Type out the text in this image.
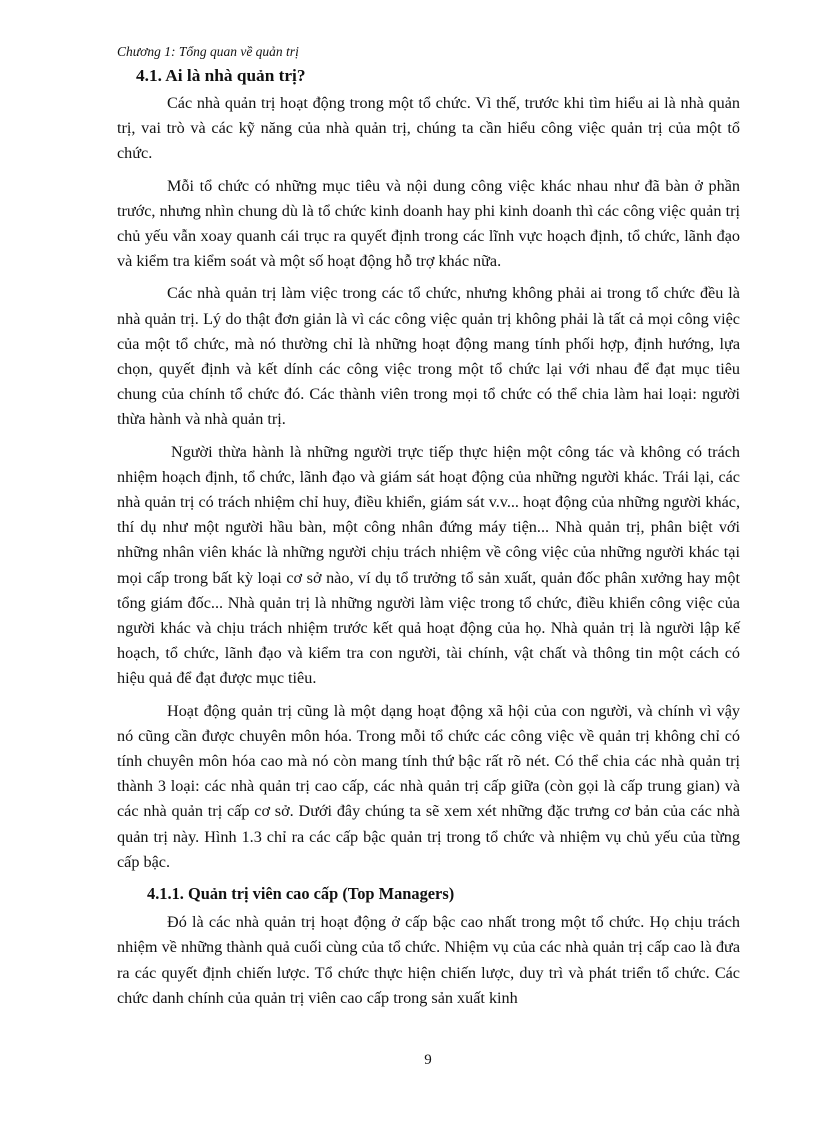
Chương 1: Tổng quan về quản trị
4.1. Ai là nhà quản trị?

Các nhà quản trị hoạt động trong một tổ chức. Vì thế, trước khi tìm hiểu ai là nhà quản trị, vai trò và các kỹ năng của nhà quản trị, chúng ta cần hiểu công việc quản trị của một tổ chức.

Mỗi tổ chức có những mục tiêu và nội dung công việc khác nhau như đã bàn ở phần trước, nhưng nhìn chung dù là tổ chức kinh doanh hay phi kinh doanh thì các công việc quản trị chủ yếu vẫn xoay quanh cái trục ra quyết định trong các lĩnh vực hoạch định, tổ chức, lãnh đạo và kiểm tra kiểm soát và một số hoạt động hỗ trợ khác nữa.

Các nhà quản trị làm việc trong các tổ chức, nhưng không phải ai trong tổ chức đều là nhà quản trị. Lý do thật đơn giản là vì các công việc quản trị không phải là tất cả mọi công việc của một tổ chức, mà nó thường chỉ là những hoạt động mang tính phối hợp, định hướng, lựa chọn, quyết định và kết dính các công việc trong một tổ chức lại với nhau để đạt mục tiêu chung của chính tổ chức đó. Các thành viên trong mọi tổ chức có thể chia làm hai loại: người thừa hành và nhà quản trị.

Người thừa hành là những người trực tiếp thực hiện một công tác và không có trách nhiệm hoạch định, tổ chức, lãnh đạo và giám sát hoạt động của những người khác. Trái lại, các nhà quản trị có trách nhiệm chỉ huy, điều khiển, giám sát v.v... hoạt động của những người khác, thí dụ như một người hầu bàn, một công nhân đứng máy tiện... Nhà quản trị, phân biệt với những nhân viên khác là những người chịu trách nhiệm về công việc của những người khác tại mọi cấp trong bất kỳ loại cơ sở nào, ví dụ tổ trưởng tổ sản xuất, quản đốc phân xưởng hay một tổng giám đốc... Nhà quản trị là những người làm việc trong tổ chức, điều khiển công việc của người khác và chịu trách nhiệm trước kết quả hoạt động của họ. Nhà quản trị là người lập kế hoạch, tổ chức, lãnh đạo và kiểm tra con người, tài chính, vật chất và thông tin một cách có hiệu quả để đạt được mục tiêu.

Hoạt động quản trị cũng là một dạng hoạt động xã hội của con người, và chính vì vậy nó cũng cần được chuyên môn hóa. Trong mỗi tổ chức các công việc về quản trị không chỉ có tính chuyên môn hóa cao mà nó còn mang tính thứ bậc rất rõ nét. Có thể chia các nhà quản trị thành 3 loại: các nhà quản trị cao cấp, các nhà quản trị cấp giữa (còn gọi là cấp trung gian) và các nhà quản trị cấp cơ sở. Dưới đây chúng ta sẽ xem xét những đặc trưng cơ bản của các nhà quản trị này. Hình 1.3 chỉ ra các cấp bậc quản trị trong tổ chức và nhiệm vụ chủ yếu của từng cấp bậc.

4.1.1. Quản trị viên cao cấp (Top Managers)

Đó là các nhà quản trị hoạt động ở cấp bậc cao nhất trong một tổ chức. Họ chịu trách nhiệm về những thành quả cuối cùng của tổ chức. Nhiệm vụ của các nhà quản trị cấp cao là đưa ra các quyết định chiến lược. Tổ chức thực hiện chiến lược, duy trì và phát triển tổ chức. Các chức danh chính của quản trị viên cao cấp trong sản xuất kinh

9
